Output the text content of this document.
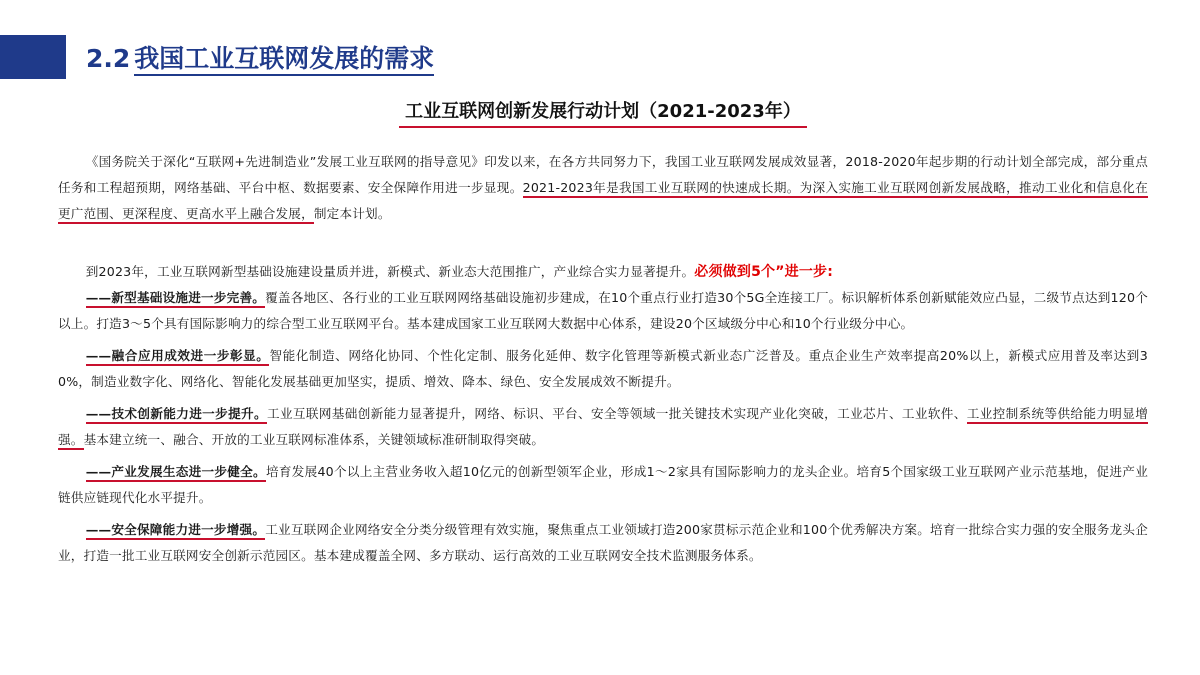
2.2 我国工业互联网发展的需求
工业互联网创新发展行动计划（2021-2023年）

《国务院关于深化“互联网+先进制造业”发展工业互联网的指导意见》印发以来，在各方共同努力下，我国工业互联网发展成效显著，2018-2020年起步期的行动计划全部完成，部分重点任务和工程超预期，网络基础、平台中枢、数据要素、安全保障作用进一步显现。2021-2023年是我国工业互联网的快速成长期。为深入实施工业互联网创新发展战略，推动工业化和信息化在更广范围、更深程度、更高水平上融合发展，制定本计划。

到2023年，工业互联网新型基础设施建设量质并进，新模式、新业态大范围推广，产业综合实力显著提升。必须做到5个”进一步:

——新型基础设施进一步完善。覆盖各地区、各行业的工业互联网网络基础设施初步建成，在10个重点行业打造30个5G全连接工厂。标识解析体系创新赋能效应凸显，二级节点达到120个以上。打造3～5个具有国际影响力的综合型工业互联网平台。基本建成国家工业互联网大数据中心体系，建设20个区域级分中心和10个行业级分中心。

——融合应用成效进一步彰显。智能化制造、网络化协同、个性化定制、服务化延伸、数字化管理等新模式新业态广泛普及。重点企业生产效率提高20%以上，新模式应用普及率达到30%，制造业数字化、网络化、智能化发展基础更加坚实，提质、增效、降本、绿色、安全发展成效不断提升。

——技术创新能力进一步提升。工业互联网基础创新能力显著提升，网络、标识、平台、安全等领域一批关键技术实现产业化突破，工业芯片、工业软件、工业控制系统等供给能力明显增强。基本建立统一、融合、开放的工业互联网标准体系，关键领域标准研制取得突破。

——产业发展生态进一步健全。培育发展40个以上主营业务收入超10亿元的创新型领军企业，形成1～2家具有国际影响力的龙头企业。培育5个国家级工业互联网产业示范基地，促进产业链供应链现代化水平提升。

——安全保障能力进一步增强。工业互联网企业网络安全分类分级管理有效实施，聚焦重点工业领域打造200家贯标示范企业和100个优秀解决方案。培育一批综合实力强的安全服务龙头企业，打造一批工业互联网安全创新示范园区。基本建成覆盖全网、多方联动、运行高效的工业互联网安全技术监测服务体系。
